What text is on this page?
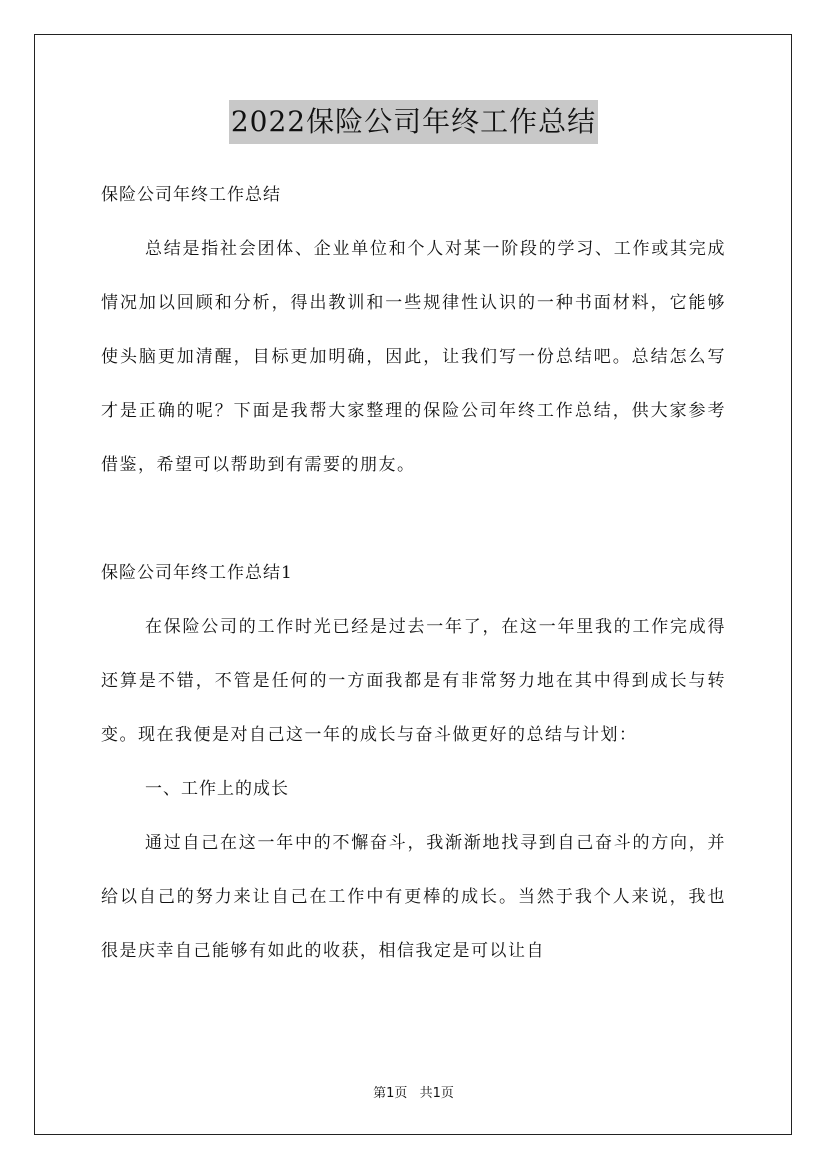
2022保险公司年终工作总结

保险公司年终工作总结

总结是指社会团体、企业单位和个人对某一阶段的学习、工作或其完成情况加以回顾和分析，得出教训和一些规律性认识的一种书面材料，它能够使头脑更加清醒，目标更加明确，因此，让我们写一份总结吧。总结怎么写才是正确的呢？下面是我帮大家整理的保险公司年终工作总结，供大家参考借鉴，希望可以帮助到有需要的朋友。

保险公司年终工作总结1

在保险公司的工作时光已经是过去一年了，在这一年里我的工作完成得还算是不错，不管是任何的一方面我都是有非常努力地在其中得到成长与转变。现在我便是对自己这一年的成长与奋斗做更好的总结与计划：

一、工作上的成长

通过自己在这一年中的不懈奋斗，我渐渐地找寻到自己奋斗的方向，并给以自己的努力来让自己在工作中有更棒的成长。当然于我个人来说，我也很是庆幸自己能够有如此的收获，相信我定是可以让自

第1页 共1页
